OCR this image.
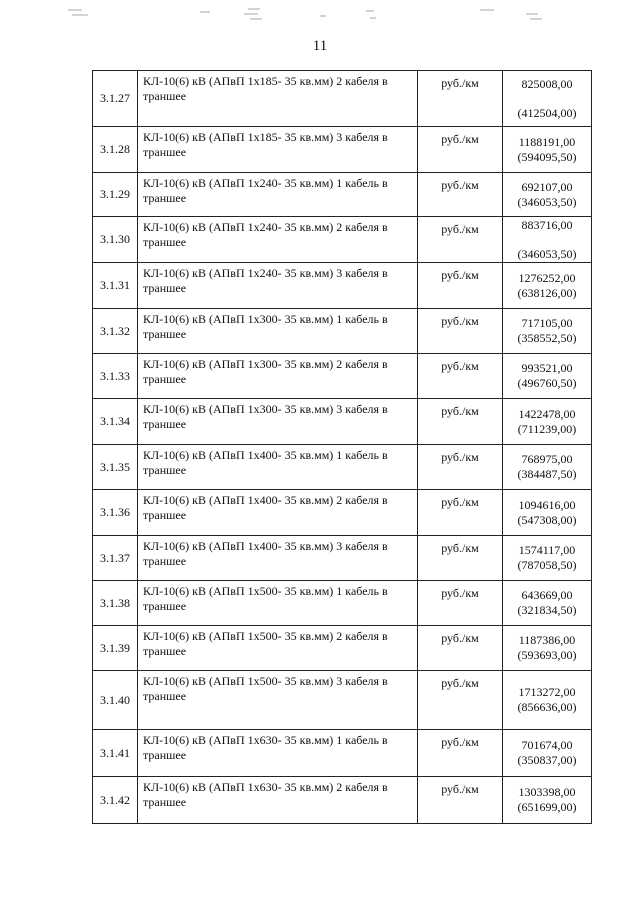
11
3.1.27	КЛ-10(6) кВ (АПвП 1х185- 35 кв.мм) 2 кабеля в траншее	руб./км	825008,00
(412504,00)

3.1.28	КЛ-10(6) кВ (АПвП 1х185- 35 кв.мм) 3 кабеля в траншее	руб./км	1188191,00
(594095,50)

3.1.29	КЛ-10(6) кВ (АПвП 1х240- 35 кв.мм) 1 кабель в траншее	руб./км	692107,00
(346053,50)

3.1.30	КЛ-10(6) кВ (АПвП 1х240- 35 кв.мм) 2 кабеля в траншее	руб./км	883716,00
(346053,50)

3.1.31	КЛ-10(6) кВ (АПвП 1х240- 35 кв.мм) 3 кабеля в траншее	руб./км	1276252,00
(638126,00)

3.1.32	КЛ-10(6) кВ (АПвП 1х300- 35 кв.мм) 1 кабель в траншее	руб./км	717105,00
(358552,50)

3.1.33	КЛ-10(6) кВ (АПвП 1х300- 35 кв.мм) 2 кабеля в траншее	руб./км	993521,00
(496760,50)

3.1.34	КЛ-10(6) кВ (АПвП 1х300- 35 кв.мм) 3 кабеля в траншее	руб./км	1422478,00
(711239,00)

3.1.35	КЛ-10(6) кВ (АПвП 1х400- 35 кв.мм) 1 кабель в траншее	руб./км	768975,00
(384487,50)

3.1.36	КЛ-10(6) кВ (АПвП 1х400- 35 кв.мм) 2 кабеля в траншее	руб./км	1094616,00
(547308,00)

3.1.37	КЛ-10(6) кВ (АПвП 1х400- 35 кв.мм) 3 кабеля в траншее	руб./км	1574117,00
(787058,50)

3.1.38	КЛ-10(6) кВ (АПвП 1х500- 35 кв.мм) 1 кабель в траншее	руб./км	643669,00
(321834,50)

3.1.39	КЛ-10(6) кВ (АПвП 1х500- 35 кв.мм) 2 кабеля в траншее	руб./км	1187386,00
(593693,00)

3.1.40	КЛ-10(6) кВ (АПвП 1х500- 35 кв.мм) 3 кабеля в траншее	руб./км	1713272,00
(856636,00)

3.1.41	КЛ-10(6) кВ (АПвП 1х630- 35 кв.мм) 1 кабель в траншее	руб./км	701674,00
(350837,00)

3.1.42	КЛ-10(6) кВ (АПвП 1х630- 35 кв.мм) 2 кабеля в траншее	руб./км	1303398,00
(651699,00)
